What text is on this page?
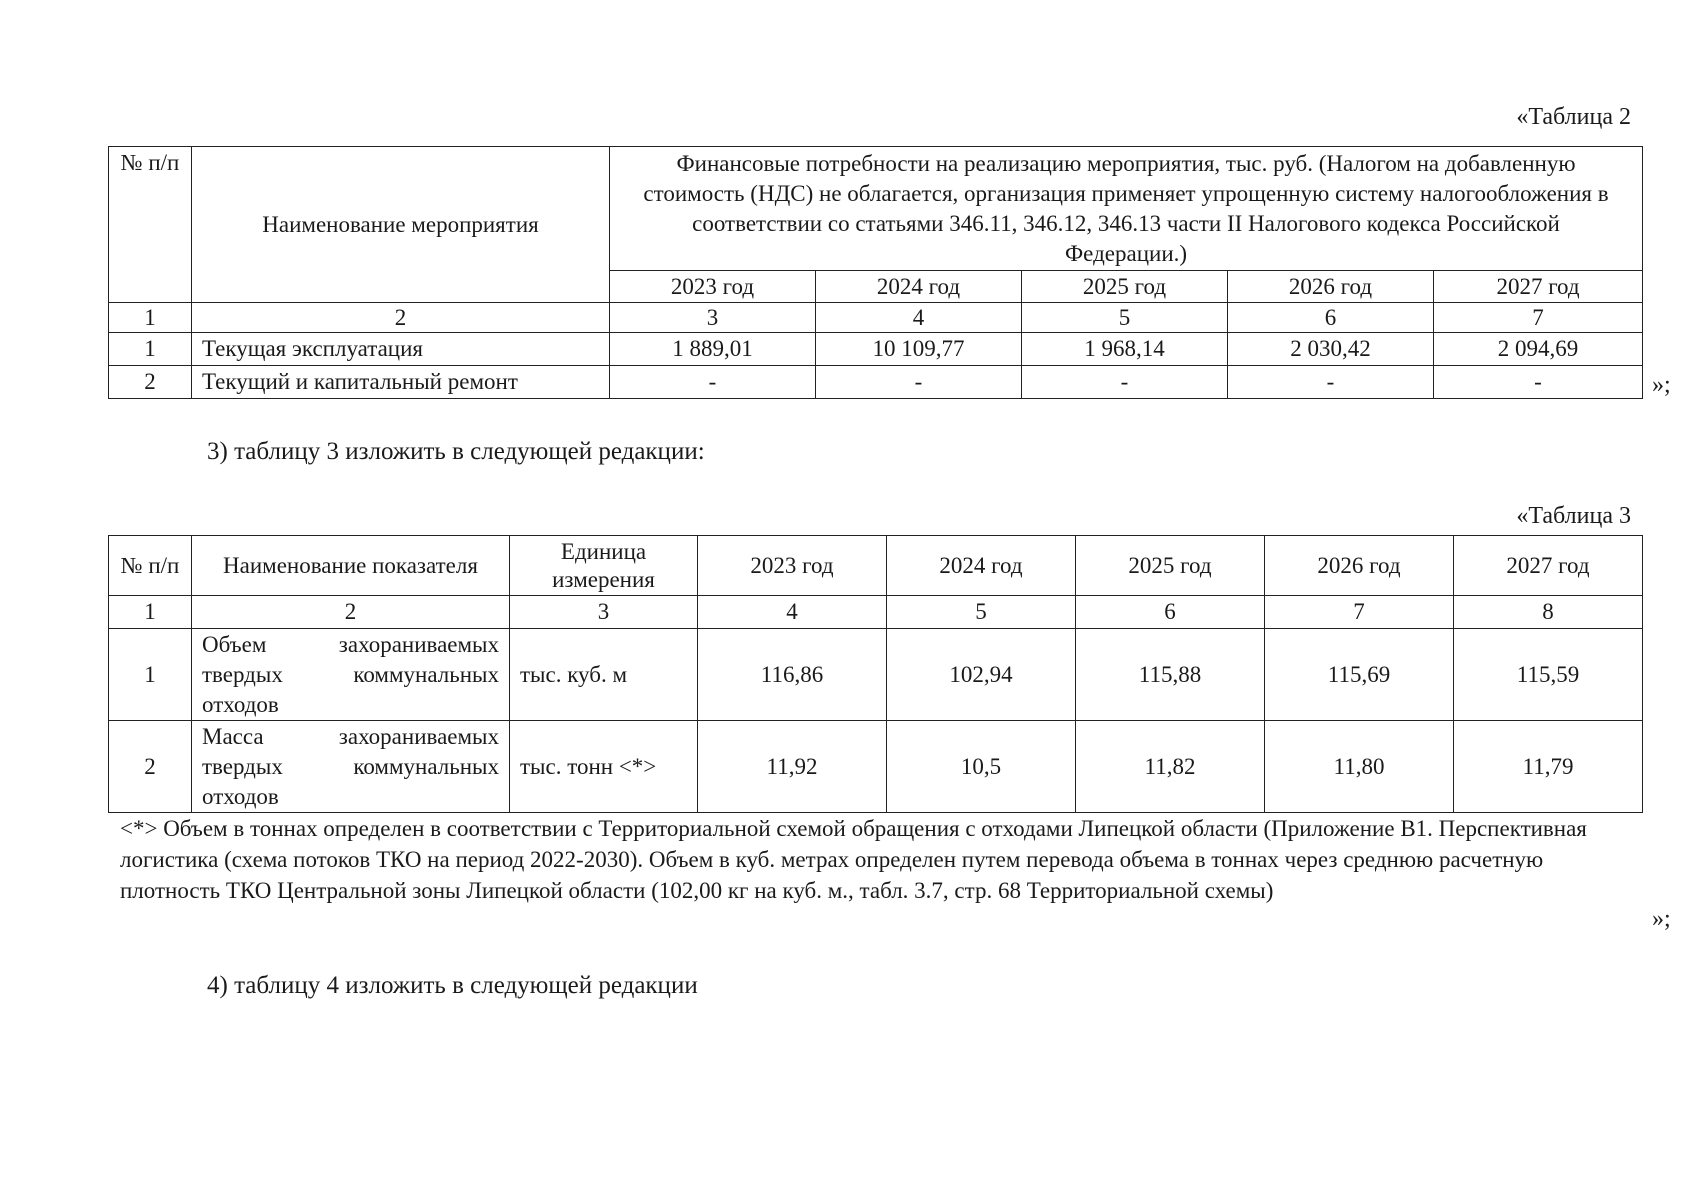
«Таблица 2
№ п/п	Наименование мероприятия	Финансовые потребности на реализацию мероприятия, тыс. руб. (Налогом на добавленную стоимость (НДС) не облагается, организация применяет упрощенную систему налогообложения в соответствии со статьями 346.11, 346.12, 346.13 части II Налогового кодекса Российской Федерации.)				
		2023 год	2024 год	2025 год	2026 год	2027 год
1	2	3	4	5	6	7
1	Текущая эксплуатация	1 889,01	10 109,77	1 968,14	2 030,42	2 094,69
2	Текущий и капитальный ремонт	-	-	-	-	-	»;
3) таблицу 3 изложить в следующей редакции:
«Таблица 3
№ п/п	Наименование показателя	Единица измерения	2023 год	2024 год	2025 год	2026 год	2027 год
1	2	3	4	5	6	7	8
1	Объем захораниваемых твердых коммунальных отходов	тыс. куб. м	116,86	102,94	115,88	115,69	115,59
2	Масса захораниваемых твердых коммунальных отходов	тыс. тонн <*>	11,92	10,5	11,82	11,80	11,79
<*> Объем в тоннах определен в соответствии с Территориальной схемой обращения с отходами Липецкой области (Приложение В1. Перспективная логистика (схема потоков ТКО на период 2022-2030). Объем в куб. метрах определен путем перевода объема в тоннах через среднюю расчетную плотность ТКО Центральной зоны Липецкой области (102,00 кг на куб. м., табл. 3.7, стр. 68 Территориальной схемы)
»;
4) таблицу 4 изложить в следующей редакции
